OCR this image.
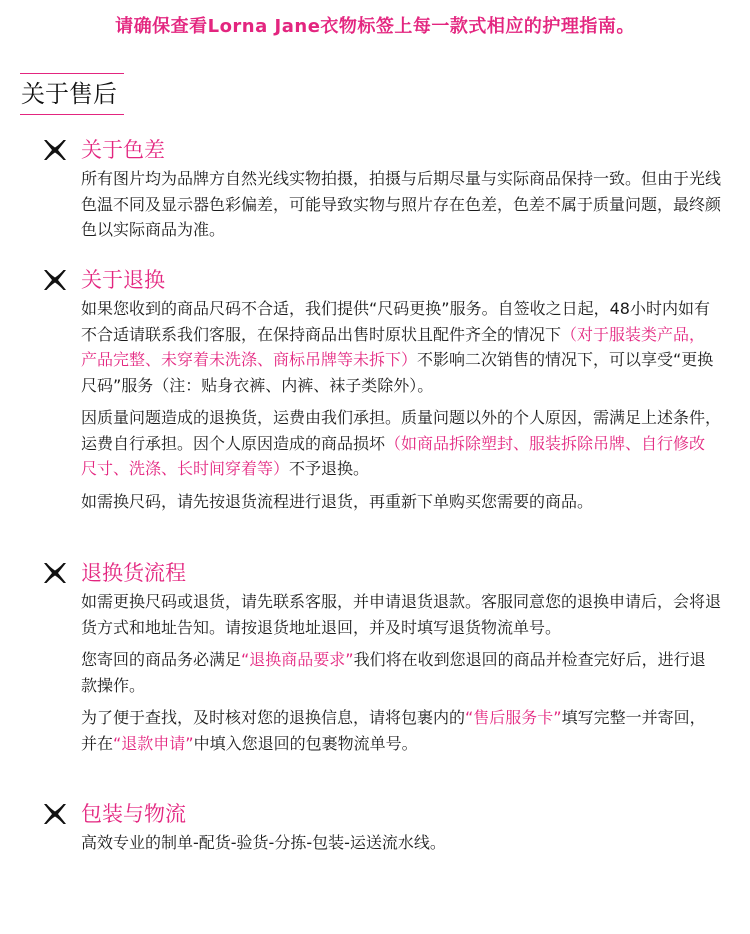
请确保查看Lorna Jane衣物标签上每一款式相应的护理指南。
关于售后
关于色差
所有图片均为品牌方自然光线实物拍摄，拍摄与后期尽量与实际商品保持一致。但由于光线色温不同及显示器色彩偏差，可能导致实物与照片存在色差，色差不属于质量问题，最终颜色以实际商品为准。
关于退换
如果您收到的商品尺码不合适，我们提供“尺码更换”服务。自签收之日起，48小时内如有不合适请联系我们客服，在保持商品出售时原状且配件齐全的情况下（对于服装类产品，产品完整、未穿着未洗涤、商标吊牌等未拆下）不影响二次销售的情况下，可以享受“更换尺码”服务（注：贴身衣裤、内裤、袜子类除外）。
因质量问题造成的退换货，运费由我们承担。质量问题以外的个人原因，需满足上述条件，运费自行承担。因个人原因造成的商品损坏（如商品拆除塑封、服装拆除吊牌、自行修改尺寸、洗涤、长时间穿着等）不予退换。
如需换尺码，请先按退货流程进行退货，再重新下单购买您需要的商品。
退换货流程
如需更换尺码或退货，请先联系客服，并申请退货退款。客服同意您的退换申请后，会将退货方式和地址告知。请按退货地址退回，并及时填写退货物流单号。
您寄回的商品务必满足“退换商品要求”我们将在收到您退回的商品并检查完好后，进行退款操作。
为了便于查找，及时核对您的退换信息，请将包裹内的“售后服务卡”填写完整一并寄回，并在“退款申请”中填入您退回的包裹物流单号。
包装与物流
高效专业的制单-配货-验货-分拣-包装-运送流水线。
